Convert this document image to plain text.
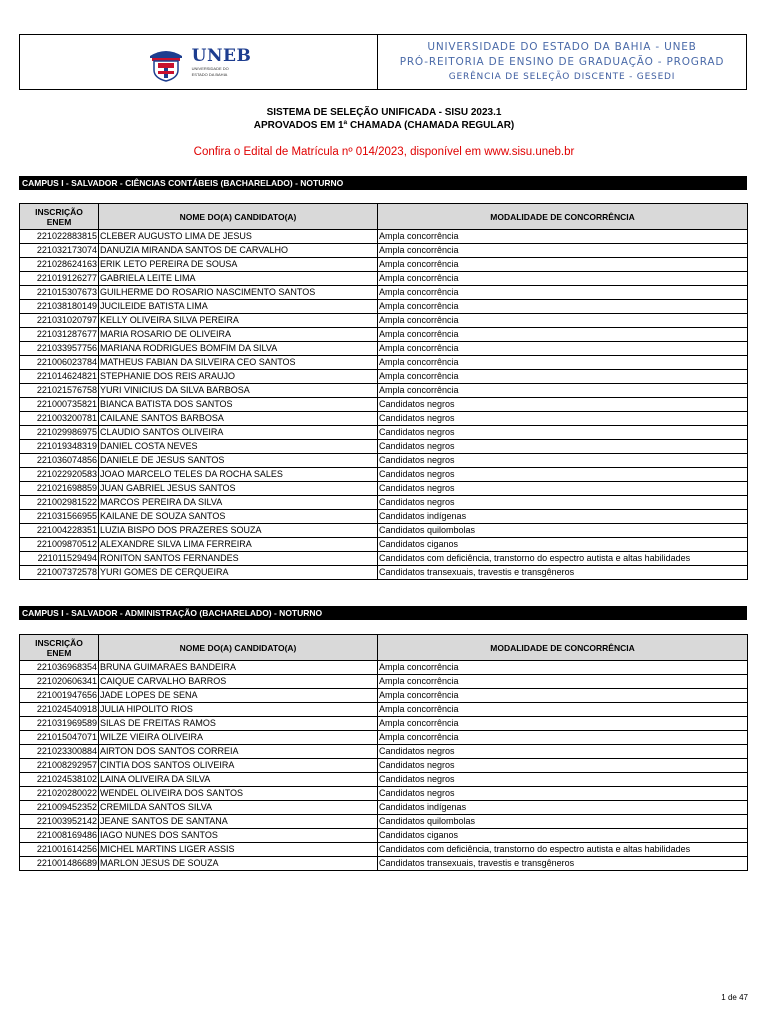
UNEB
UNIVERSIDADE DO
ESTADO DA BAHIA
UNIVERSIDADE DO ESTADO DA BAHIA - UNEB
PRÓ-REITORIA DE ENSINO DE GRADUAÇÃO - PROGRAD
GERÊNCIA DE SELEÇÃO DISCENTE - GESEDI
SISTEMA DE SELEÇÃO UNIFICADA - SISU 2023.1
APROVADOS EM 1ª CHAMADA (CHAMADA REGULAR)
Confira o Edital de Matrícula nº 014/2023, disponível em www.sisu.uneb.br
CAMPUS I - SALVADOR - CIÊNCIAS CONTÁBEIS (BACHARELADO) - NOTURNO
INSCRIÇÃO
ENEM	NOME DO(A) CANDIDATO(A)	MODALIDADE DE CONCORRÊNCIA
221022883815	CLEBER AUGUSTO LIMA DE JESUS	Ampla concorrência
221032173074	DANUZIA MIRANDA SANTOS DE CARVALHO	Ampla concorrência
221028624163	ERIK LETO PEREIRA DE SOUSA	Ampla concorrência
221019126277	GABRIELA LEITE LIMA	Ampla concorrência
221015307673	GUILHERME DO ROSARIO NASCIMENTO SANTOS	Ampla concorrência
221038180149	JUCILEIDE BATISTA LIMA	Ampla concorrência
221031020797	KELLY OLIVEIRA SILVA PEREIRA	Ampla concorrência
221031287677	MARIA ROSARIO DE OLIVEIRA	Ampla concorrência
221033957756	MARIANA RODRIGUES BOMFIM DA SILVA	Ampla concorrência
221006023784	MATHEUS FABIAN DA SILVEIRA CEO SANTOS	Ampla concorrência
221014624821	STEPHANIE DOS REIS ARAUJO	Ampla concorrência
221021576758	YURI VINICIUS DA SILVA BARBOSA	Ampla concorrência
221000735821	BIANCA BATISTA DOS SANTOS	Candidatos negros
221003200781	CAILANE SANTOS BARBOSA	Candidatos negros
221029986975	CLAUDIO SANTOS OLIVEIRA	Candidatos negros
221019348319	DANIEL COSTA NEVES	Candidatos negros
221036074856	DANIELE DE JESUS SANTOS	Candidatos negros
221022920583	JOAO MARCELO TELES DA ROCHA SALES	Candidatos negros
221021698859	JUAN GABRIEL JESUS SANTOS	Candidatos negros
221002981522	MARCOS PEREIRA DA SILVA	Candidatos negros
221031566955	KAILANE DE SOUZA SANTOS	Candidatos indígenas
221004228351	LUZIA BISPO DOS PRAZERES SOUZA	Candidatos quilombolas
221009870512	ALEXANDRE SILVA LIMA FERREIRA	Candidatos ciganos
221011529494	RONITON SANTOS FERNANDES	Candidatos com deficiência, transtorno do espectro autista e altas habilidades
221007372578	YURI GOMES DE CERQUEIRA	Candidatos transexuais, travestis e transgêneros
CAMPUS I - SALVADOR - ADMINISTRAÇÃO (BACHARELADO) - NOTURNO
INSCRIÇÃO
ENEM	NOME DO(A) CANDIDATO(A)	MODALIDADE DE CONCORRÊNCIA
221036968354	BRUNA GUIMARAES BANDEIRA	Ampla concorrência
221020606341	CAIQUE CARVALHO BARROS	Ampla concorrência
221001947656	JADE LOPES DE SENA	Ampla concorrência
221024540918	JULIA HIPOLITO RIOS	Ampla concorrência
221031969589	SILAS DE FREITAS RAMOS	Ampla concorrência
221015047071	WILZE VIEIRA OLIVEIRA	Ampla concorrência
221023300884	AIRTON DOS SANTOS CORREIA	Candidatos negros
221008292957	CINTIA DOS SANTOS OLIVEIRA	Candidatos negros
221024538102	LAINA OLIVEIRA DA SILVA	Candidatos negros
221020280022	WENDEL OLIVEIRA DOS SANTOS	Candidatos negros
221009452352	CREMILDA SANTOS SILVA	Candidatos indígenas
221003952142	JEANE SANTOS DE SANTANA	Candidatos quilombolas
221008169486	IAGO NUNES DOS SANTOS	Candidatos ciganos
221001614256	MICHEL MARTINS LIGER ASSIS	Candidatos com deficiência, transtorno do espectro autista e altas habilidades
221001486689	MARLON JESUS DE SOUZA	Candidatos transexuais, travestis e transgêneros
1 de 47
